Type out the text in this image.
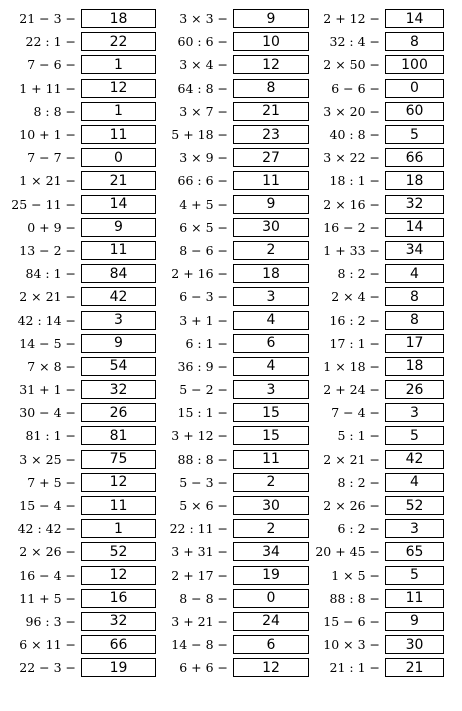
21 − 3 −	18	3 × 3 −	9	2 + 12 −	14
22 : 1 −	22	60 : 6 −	10	32 : 4 −	8
7 − 6 −	1	3 × 4 −	12	2 × 50 −	100
1 + 11 −	12	64 : 8 −	8	6 − 6 −	0
8 : 8 −	1	3 × 7 −	21	3 × 20 −	60
10 + 1 −	11	5 + 18 −	23	40 : 8 −	5
7 − 7 −	0	3 × 9 −	27	3 × 22 −	66
1 × 21 −	21	66 : 6 −	11	18 : 1 −	18
25 − 11 −	14	4 + 5 −	9	2 × 16 −	32
0 + 9 −	9	6 × 5 −	30	16 − 2 −	14
13 − 2 −	11	8 − 6 −	2	1 + 33 −	34
84 : 1 −	84	2 + 16 −	18	8 : 2 −	4
2 × 21 −	42	6 − 3 −	3	2 × 4 −	8
42 : 14 −	3	3 + 1 −	4	16 : 2 −	8
14 − 5 −	9	6 : 1 −	6	17 : 1 −	17
7 × 8 −	54	36 : 9 −	4	1 × 18 −	18
31 + 1 −	32	5 − 2 −	3	2 + 24 −	26
30 − 4 −	26	15 : 1 −	15	7 − 4 −	3
81 : 1 −	81	3 + 12 −	15	5 : 1 −	5
3 × 25 −	75	88 : 8 −	11	2 × 21 −	42
7 + 5 −	12	5 − 3 −	2	8 : 2 −	4
15 − 4 −	11	5 × 6 −	30	2 × 26 −	52
42 : 42 −	1	22 : 11 −	2	6 : 2 −	3
2 × 26 −	52	3 + 31 −	34	20 + 45 −	65
16 − 4 −	12	2 + 17 −	19	1 × 5 −	5
11 + 5 −	16	8 − 8 −	0	88 : 8 −	11
96 : 3 −	32	3 + 21 −	24	15 − 6 −	9
6 × 11 −	66	14 − 8 −	6	10 × 3 −	30
22 − 3 −	19	6 + 6 −	12	21 : 1 −	21
